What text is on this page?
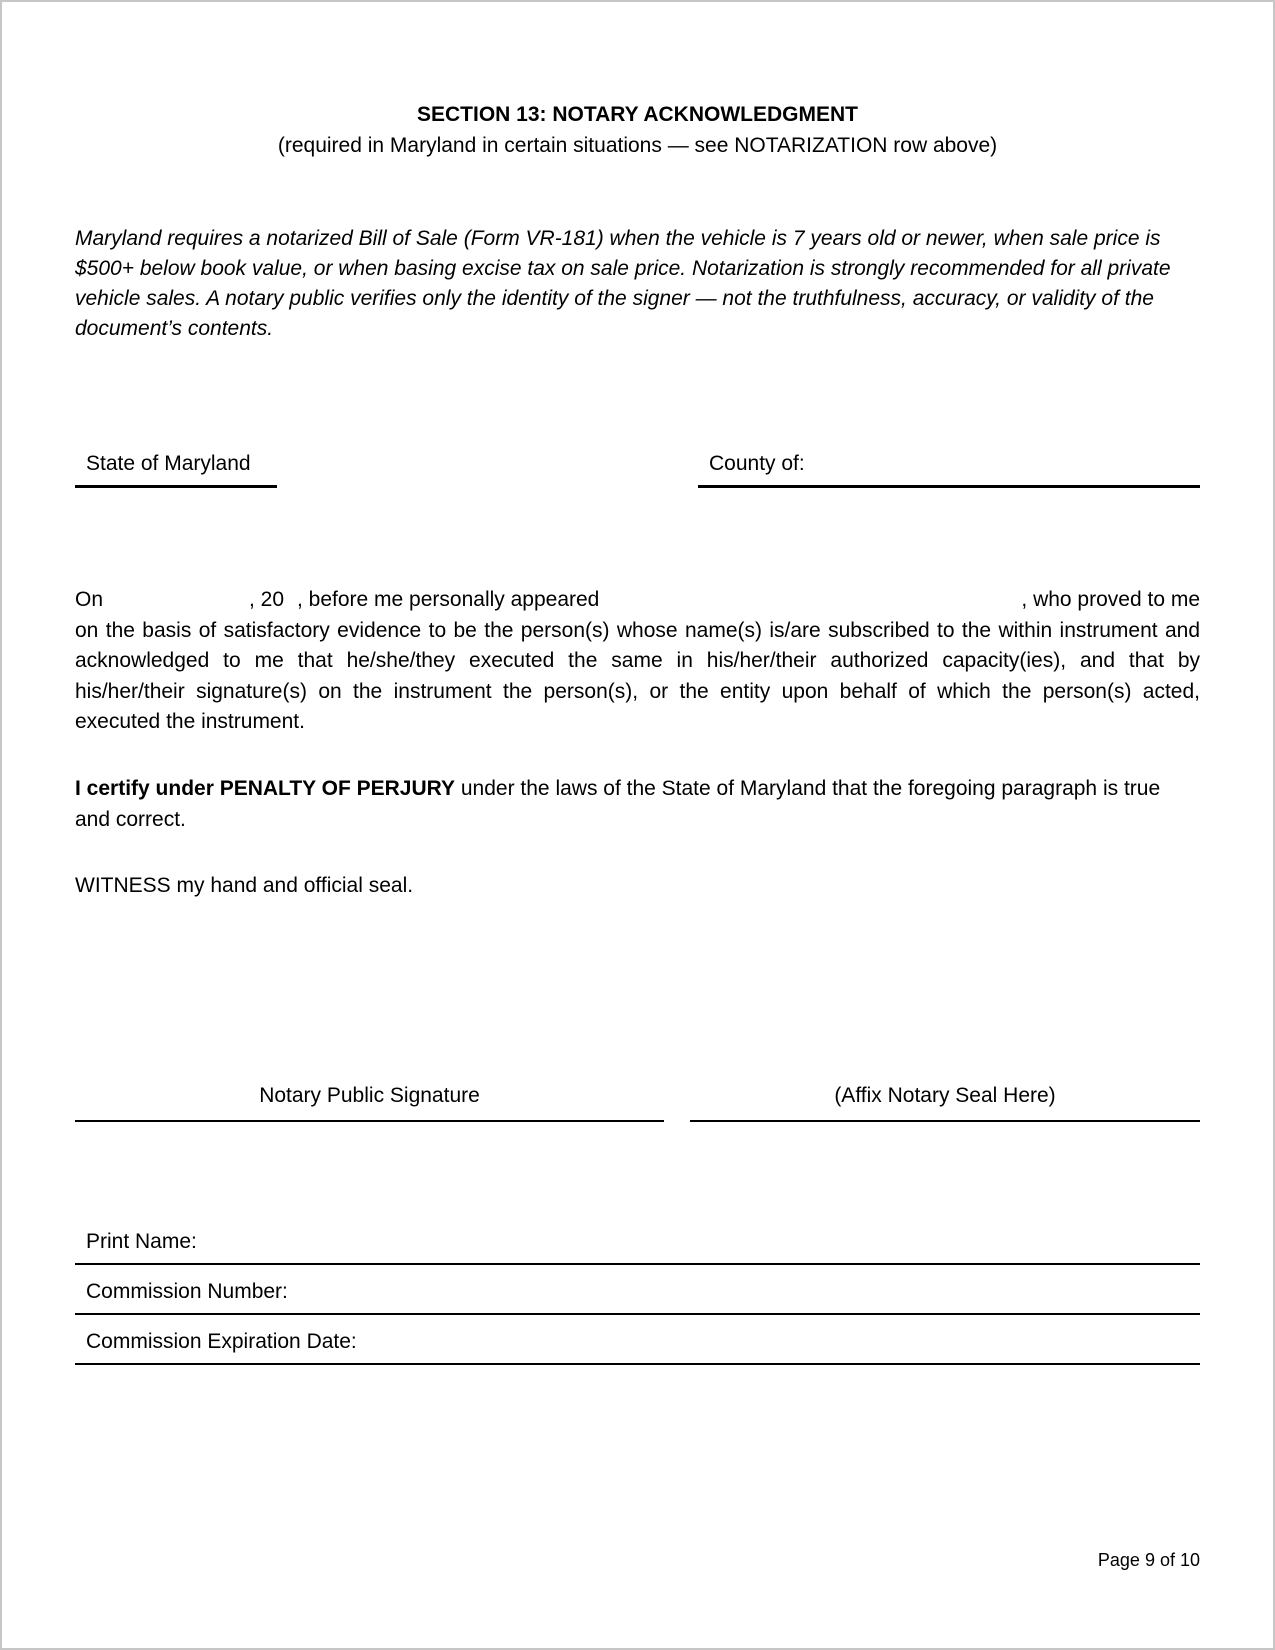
SECTION 13: NOTARY ACKNOWLEDGMENT
(required in Maryland in certain situations — see NOTARIZATION row above)
Maryland requires a notarized Bill of Sale (Form VR-181) when the vehicle is 7 years old or newer, when sale price is $500+ below book value, or when basing excise tax on sale price. Notarization is strongly recommended for all private vehicle sales. A notary public verifies only the identity of the signer — not the truthfulness, accuracy, or validity of the document’s contents.
State of Maryland	County of:
On	, 20 , before me personally appeared	, who proved to me
on the basis of satisfactory evidence to be the person(s) whose name(s) is/are subscribed to the within instrument and acknowledged to me that he/she/they executed the same in his/her/their authorized capacity(ies), and that by his/her/their signature(s) on the instrument the person(s), or the entity upon behalf of which the person(s) acted, executed the instrument.
I certify under PENALTY OF PERJURY under the laws of the State of Maryland that the foregoing paragraph is true and correct.
WITNESS my hand and official seal.
Notary Public Signature	(Affix Notary Seal Here)
Print Name:
Commission Number:
Commission Expiration Date:
Page 9 of 10
